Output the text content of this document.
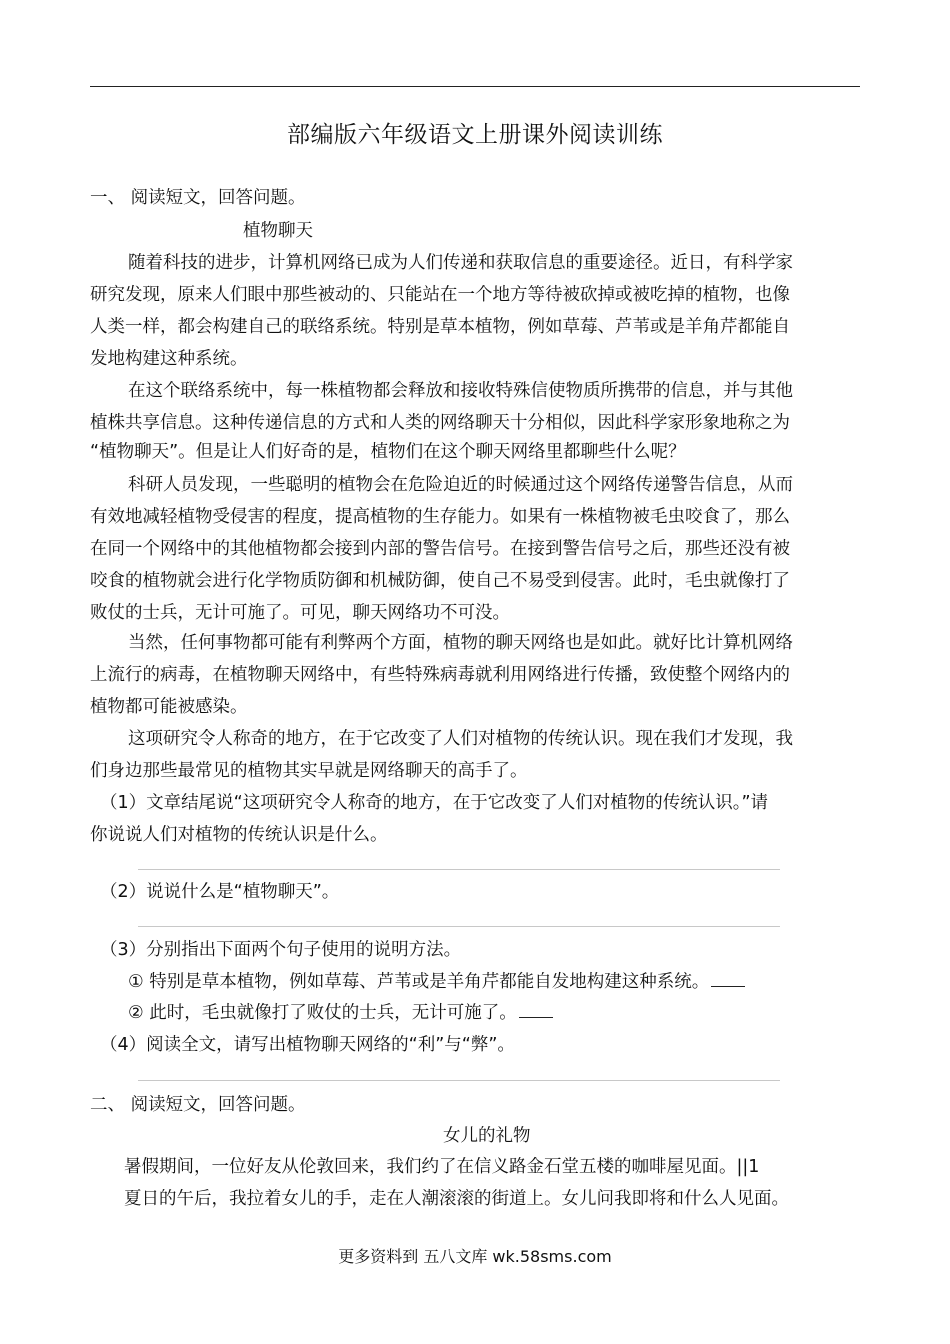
部编版六年级语文上册课外阅读训练
一、 阅读短文，回答问题。
植物聊天
随着科技的进步，计算机网络已成为人们传递和获取信息的重要途径。近日，有科学家
研究发现，原来人们眼中那些被动的、只能站在一个地方等待被砍掉或被吃掉的植物，也像
人类一样，都会构建自己的联络系统。特别是草本植物，例如草莓、芦苇或是羊角芹都能自
发地构建这种系统。
在这个联络系统中，每一株植物都会释放和接收特殊信使物质所携带的信息，并与其他
植株共享信息。这种传递信息的方式和人类的网络聊天十分相似，因此科学家形象地称之为
“植物聊天”。但是让人们好奇的是，植物们在这个聊天网络里都聊些什么呢？
科研人员发现，一些聪明的植物会在危险迫近的时候通过这个网络传递警告信息，从而
有效地减轻植物受侵害的程度，提高植物的生存能力。如果有一株植物被毛虫咬食了，那么
在同一个网络中的其他植物都会接到内部的警告信号。在接到警告信号之后，那些还没有被
咬食的植物就会进行化学物质防御和机械防御，使自己不易受到侵害。此时，毛虫就像打了
败仗的士兵，无计可施了。可见，聊天网络功不可没。
当然，任何事物都可能有利弊两个方面，植物的聊天网络也是如此。就好比计算机网络
上流行的病毒，在植物聊天网络中，有些特殊病毒就利用网络进行传播，致使整个网络内的
植物都可能被感染。
这项研究令人称奇的地方，在于它改变了人们对植物的传统认识。现在我们才发现，我
们身边那些最常见的植物其实早就是网络聊天的高手了。
（1）文章结尾说“这项研究令人称奇的地方，在于它改变了人们对植物的传统认识。”请
你说说人们对植物的传统认识是什么。
（2）说说什么是“植物聊天”。
（3）分别指出下面两个句子使用的说明方法。
① 特别是草本植物，例如草莓、芦苇或是羊角芹都能自发地构建这种系统。
② 此时，毛虫就像打了败仗的士兵，无计可施了。
（4）阅读全文，请写出植物聊天网络的“利”与“弊”。
二、 阅读短文，回答问题。
女儿的礼物
暑假期间，一位好友从伦敦回来，我们约了在信义路金石堂五楼的咖啡屋见面。||1
夏日的午后，我拉着女儿的手，走在人潮滚滚的街道上。女儿问我即将和什么人见面。
更多资料到 五八文库 wk.58sms.com
